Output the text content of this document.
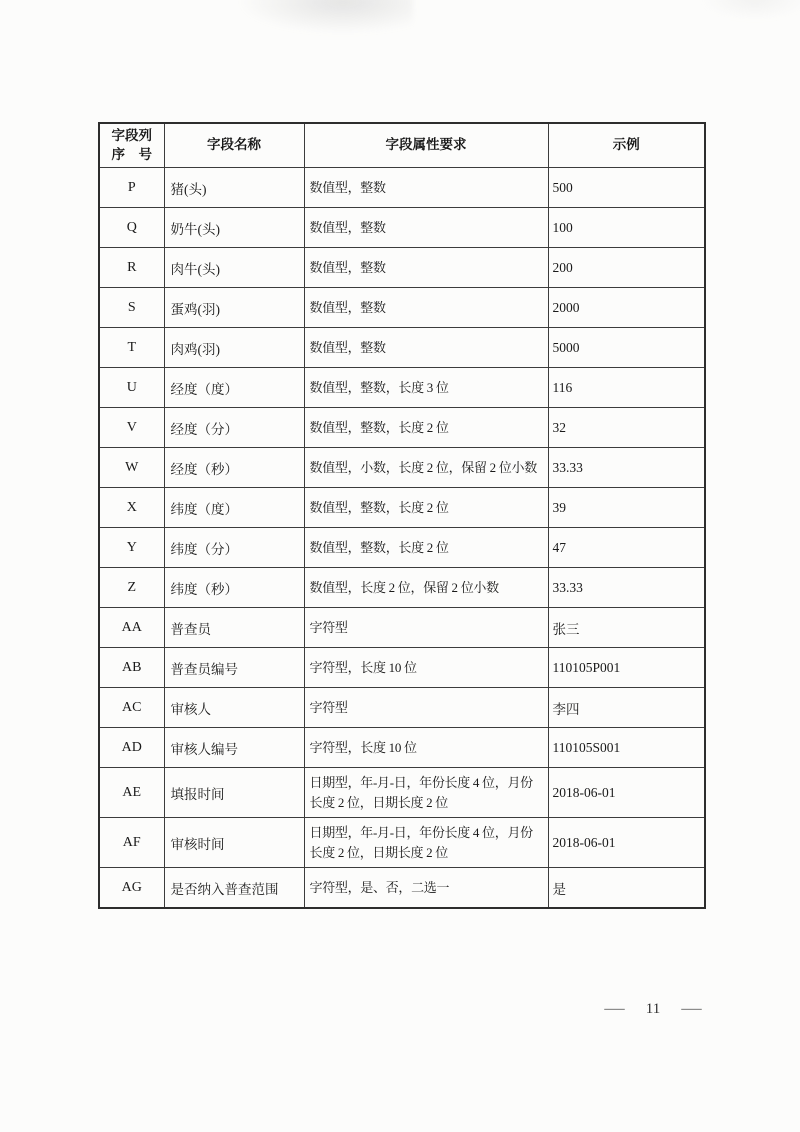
字段列
序　号	字段名称	字段属性要求	示例
P	猪(头)	数值型，整数	500
Q	奶牛(头)	数值型，整数	100
R	肉牛(头)	数值型，整数	200
S	蛋鸡(羽)	数值型，整数	2000
T	肉鸡(羽)	数值型，整数	5000
U	经度（度）	数值型，整数，长度 3 位	116
V	经度（分）	数值型，整数，长度 2 位	32
W	经度（秒）	数值型，小数，长度 2 位，保留 2 位小数	33.33
X	纬度（度）	数值型，整数，长度 2 位	39
Y	纬度（分）	数值型，整数，长度 2 位	47
Z	纬度（秒）	数值型，长度 2 位，保留 2 位小数	33.33
AA	普查员	字符型	张三
AB	普查员编号	字符型，长度 10 位	110105P001
AC	审核人	字符型	李四
AD	审核人编号	字符型，长度 10 位	110105S001
AE	填报时间	日期型，年-月-日，年份长度 4 位，月份长度 2 位，日期长度 2 位	2018-06-01
AF	审核时间	日期型，年-月-日，年份长度 4 位，月份长度 2 位，日期长度 2 位	2018-06-01
AG	是否纳入普查范围	字符型，是、否，二选一	是
— 11 —
